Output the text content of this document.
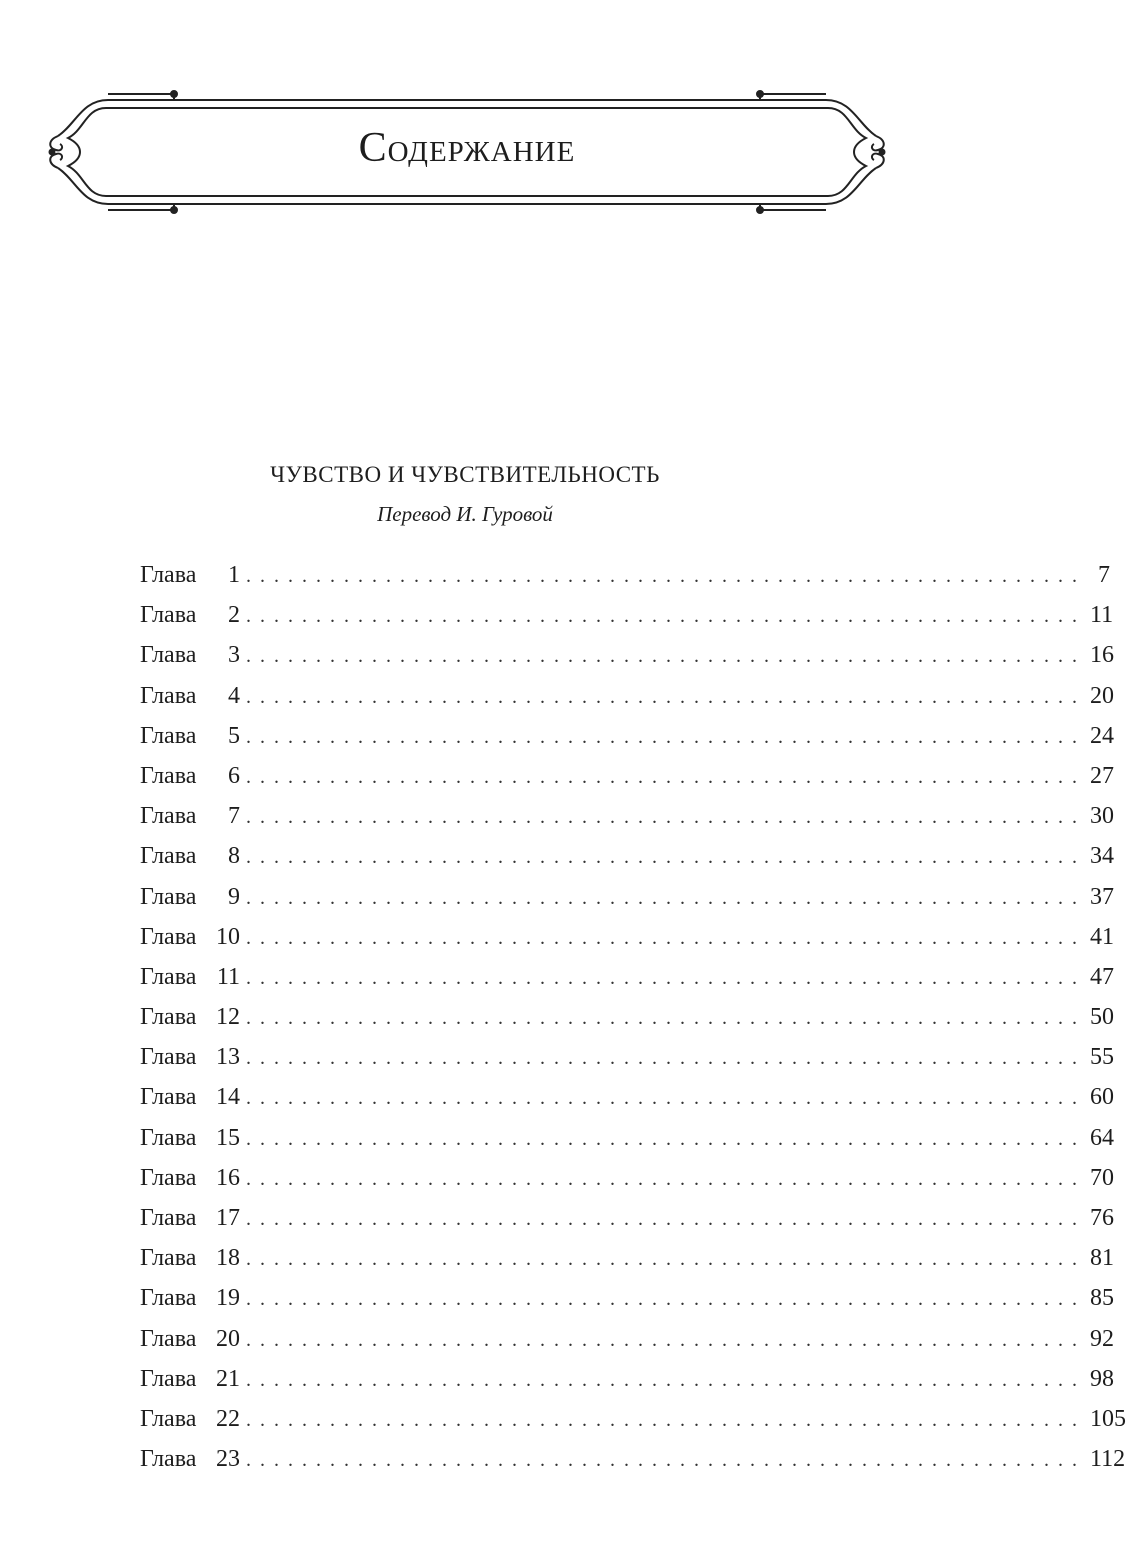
Содержание
ЧУВСТВО И ЧУВСТВИТЕЛЬНОСТЬ
Перевод И. Гуровой
Глава	1 ............................................................ 7
Глава	2 ............................................................ 11
Глава	3 ............................................................ 16
Глава	4 ............................................................ 20
Глава	5 ............................................................ 24
Глава	6 ............................................................ 27
Глава	7 ............................................................ 30
Глава	8 ............................................................ 34
Глава	9 ............................................................ 37
Глава 10 ............................................................ 41
Глава 11 ............................................................ 47
Глава 12 ............................................................ 50
Глава 13 ............................................................ 55
Глава 14 ............................................................ 60
Глава 15 ............................................................ 64
Глава 16 ............................................................ 70
Глава 17 ............................................................ 76
Глава 18 ............................................................ 81
Глава 19 ............................................................ 85
Глава 20 ............................................................ 92
Глава 21 ............................................................ 98
Глава 22 ............................................................ 105
Глава 23 ............................................................ 112
